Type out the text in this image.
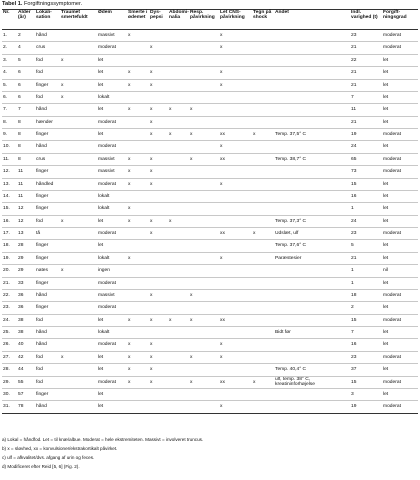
Tabel 1. Forgiftningssymptomer.
Nr.	Alder (år)	Lokali- sation	Traumet smertefuldt	Ødem	Smerte i ødemet	Dys- pepsi	Abdomi- nalia	Resp. påvirkning	Let CNS- påvirkning	Tegn på shock	Andet	Indl. varighed (t)	Forgift- ningsgrad
1.	2	hånd		massivt	x				x			23	moderat
2.	4	crus		moderat		x			x			21	moderat
3.	5	fod	x	let								22	let
4.	6	fod		let	x	x			x			21	let
5.	6	finger	x	let	x	x			x			21	let
6.	6	fod	x	lokalt								7	let
7.	7	hånd		let	x	x	x	x				11	let
8.	8	hænder		moderat		x						21	let
9.	8	finger		let		x	x	x	xx	x	Temp. 37,5° C	19	moderat
10.	8	hånd		moderat					x			24	let
11.	8	crus		massivt	x	x		x	xx		Temp. 38,7° C	65	moderat
12.	11	finger		massivt	x	x						73	moderat
13.	11	håndled		moderat	x	x			x			15	let
14.	11	finger		lokalt								16	let
15.	12	finger		lokalt	x							1	let
16.	12	fod	x	let	x	x	x				Temp. 37,3° C	24	let
17.	13	tå		moderat		x			xx	x	Udslæt, ulf	23	moderat
18.	28	finger		let							Temp. 37,6° C	5	let
19.	29	finger		lokalt	x				x		Paræstesier	21	let
20.	29	nates	x	ingen								1	nil
21.	33	finger		moderat								1	let
22.	36	hånd		massivt		x		x				18	moderat
23.	36	finger		moderat								2	let
24.	38	fod		let	x	x	x	x	xx			15	moderat
25.	38	hånd		lokalt							Bidt før	7	let
26.	40	hånd		moderat	x	x			x			16	let
27.	42	fod	x	let	x	x		x	x			23	moderat
28.	44	fod		let	x	x					Temp. 40,4° C	37	let
29.	55	fod		moderat	x	x		x	xx	x	ulf, temp. 38° C, kreatininforhøjelse	15	moderat
30.	57	finger		let								3	let
31.	78	hånd		let					x			19	moderat
a) Lokal = håndfod. Let = til knæ/albue. Moderat = hele ekstremiteten. Massivt = involveret truncus.
b) x = sløvhed, xx = konvulsioner/ekstrakortikalt påvirket.
c) ulf = afkvalitet/dvs. afgang af urin og feces.
d) Modificeret efter Reid [5, 6] (Fig. 2).
